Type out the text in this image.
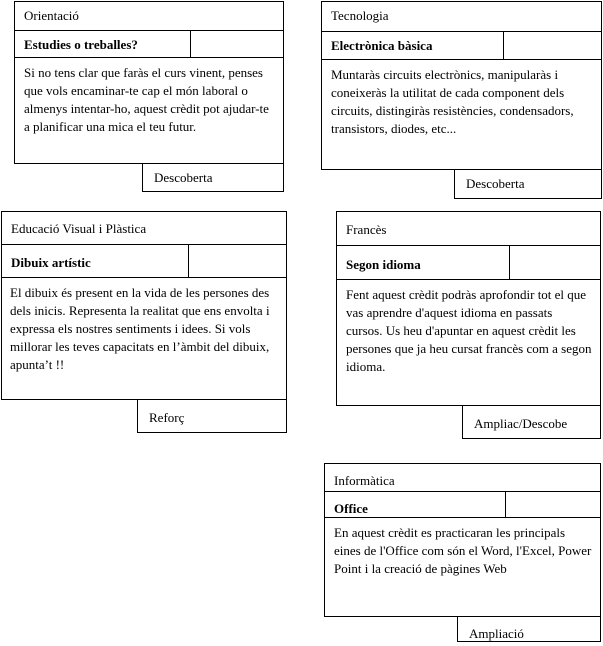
Orientació
Estudies o treballes?
Si no tens clar que faràs el curs vinent, penses que vols encaminar-te cap el món laboral o almenys intentar-ho, aquest crèdit pot ajudar-te a planificar una mica el teu futur.
Descoberta
Tecnologia
Electrònica bàsica
Muntaràs circuits electrònics, manipularàs i coneixeràs la utilitat de cada component dels circuits, distingiràs resistències, condensadors, transistors, diodes, etc...
Descoberta
Educació Visual i Plàstica
Dibuix artístic
El dibuix és present en la vida de les persones des dels inicis. Representa la realitat que ens envolta i expressa els nostres sentiments i idees. Si vols millorar les teves capacitats en l’àmbit del dibuix, apunta’t !!
Reforç
Francès
Segon idioma
Fent aquest crèdit podràs aprofondir tot el que vas aprendre d'aquest idioma en passats cursos. Us heu d'apuntar en aquest crèdit les persones que ja heu cursat francès com a segon idioma.
Ampliac/Descobe
Informàtica
Office
En aquest crèdit es practicaran les principals eines de l'Office com són el Word, l'Excel, Power Point i la creació de pàgines Web
Ampliació
